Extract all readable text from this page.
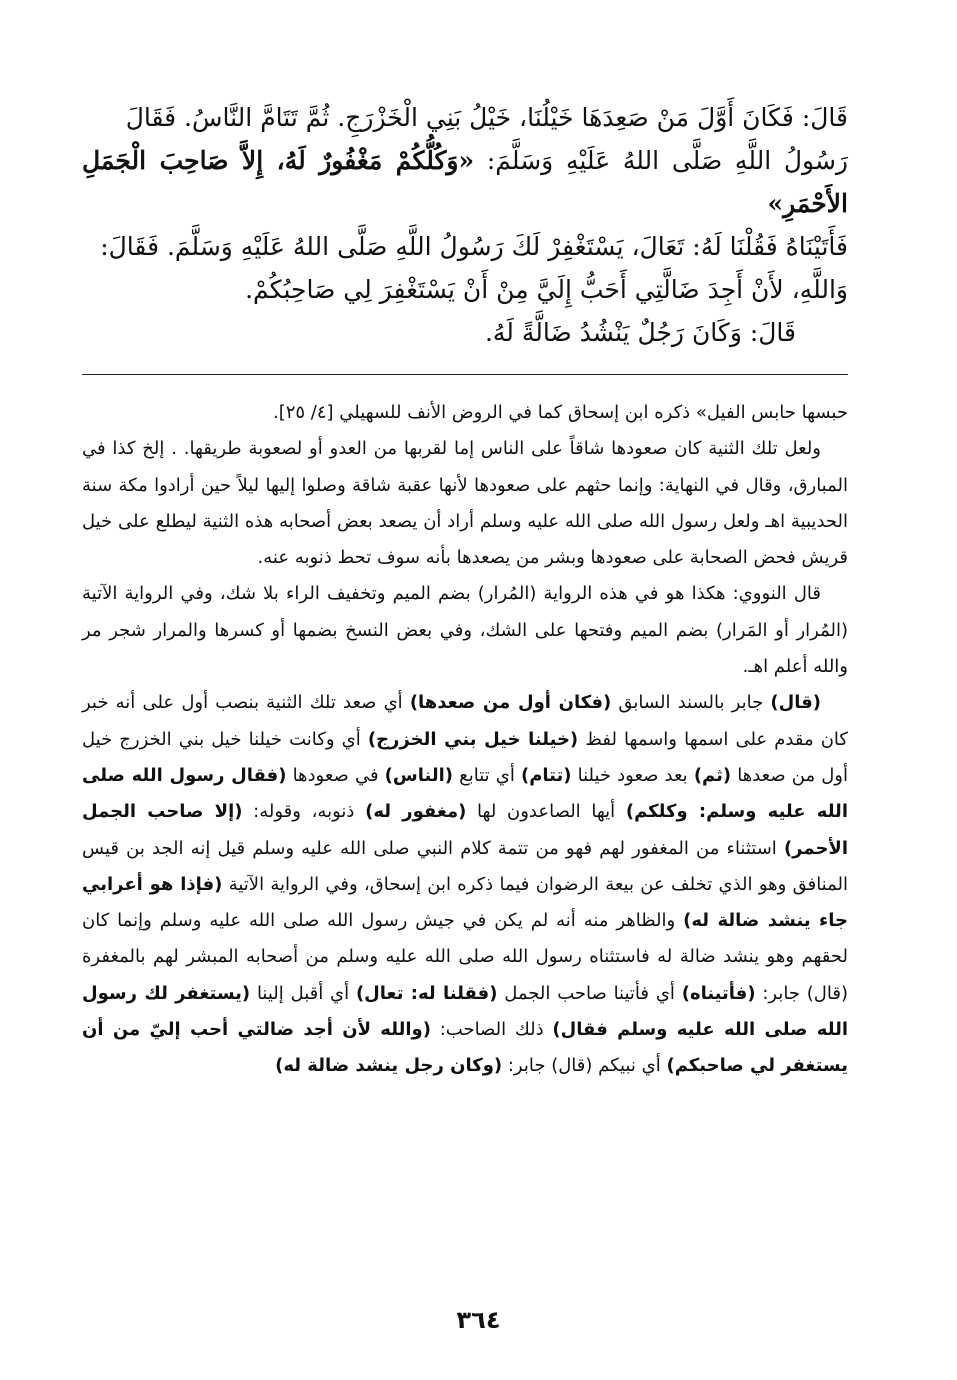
قَالَ: فَكَانَ أَوَّلَ مَنْ صَعِدَهَا خَيْلُنَا، خَيْلُ بَنِي الْخَزْرَجِ. ثُمَّ تَتَامَّ النَّاسُ. فَقَالَ

رَسُولُ اللَّهِ صَلَّى اللهُ عَلَيْهِ وَسَلَّمَ: «وَكُلُّكُمْ مَغْفُورٌ لَهُ، إِلاَّ صَاحِبَ الْجَمَلِ الأَحْمَرِ»

فَأَتَيْنَاهُ فَقُلْنَا لَهُ: تَعَالَ، يَسْتَغْفِرْ لَكَ رَسُولُ اللَّهِ صَلَّى اللهُ عَلَيْهِ وَسَلَّمَ. فَقَالَ:

وَاللَّهِ، لأَنْ أَجِدَ ضَالَّتِي أَحَبُّ إِلَيَّ مِنْ أَنْ يَسْتَغْفِرَ لِي صَاحِبُكُمْ.

قَالَ: وَكَانَ رَجُلٌ يَنْشُدُ ضَالَّةً لَهُ.

حبسها حابس الفيل» ذكره ابن إسحاق كما في الروض الأنف للسهيلي [٤/ ٢٥].

ولعل تلك الثنية كان صعودها شاقاً على الناس إما لقربها من العدو أو لصعوبة طريقها. . إلخ كذا في المبارق، وقال في النهاية: وإنما حثهم على صعودها لأنها عقبة شاقة وصلوا إليها ليلاً حين أرادوا مكة سنة الحديبية اهـ ولعل رسول الله صلى الله عليه وسلم أراد أن يصعد بعض أصحابه هذه الثنية ليطلع على خيل قريش فحض الصحابة على صعودها وبشر من يصعدها بأنه سوف تحط ذنوبه عنه.

قال النووي: هكذا هو في هذه الرواية (المُرار) بضم الميم وتخفيف الراء بلا شك، وفي الرواية الآتية (المُرار أو المَرار) بضم الميم وفتحها على الشك، وفي بعض النسخ بضمها أو كسرها والمرار شجر مر والله أعلم اهـ.

(قال) جابر بالسند السابق (فكان أول من صعدها) أي صعد تلك الثنية بنصب أول على أنه خبر كان مقدم على اسمها واسمها لفظ (خيلنا خيل بني الخزرج) أي وكانت خيلنا خيل بني الخزرج خيل أول من صعدها (ثم) بعد صعود خيلنا (تتام) أي تتابع (الناس) في صعودها (فقال رسول الله صلى الله عليه وسلم: وكلكم) أيها الصاعدون لها (مغفور له) ذنوبه، وقوله: (إلا صاحب الجمل الأحمر) استثناء من المغفور لهم فهو من تتمة كلام النبي صلى الله عليه وسلم قيل إنه الجد بن قيس المنافق وهو الذي تخلف عن بيعة الرضوان فيما ذكره ابن إسحاق، وفي الرواية الآتية (فإذا هو أعرابي جاء ينشد ضالة له) والظاهر منه أنه لم يكن في جيش رسول الله صلى الله عليه وسلم وإنما كان لحقهم وهو ينشد ضالة له فاستثناه رسول الله صلى الله عليه وسلم من أصحابه المبشر لهم بالمغفرة (قال) جابر: (فأتيناه) أي فأتينا صاحب الجمل (فقلنا له: تعال) أي أقبل إلينا (يستغفر لك رسول الله صلى الله عليه وسلم فقال) ذلك الصاحب: (والله لأن أجد ضالتي أحب إليّ من أن يستغفر لي صاحبكم) أي نبيكم (قال) جابر: (وكان رجل ينشد ضالة له)

٣٦٤
